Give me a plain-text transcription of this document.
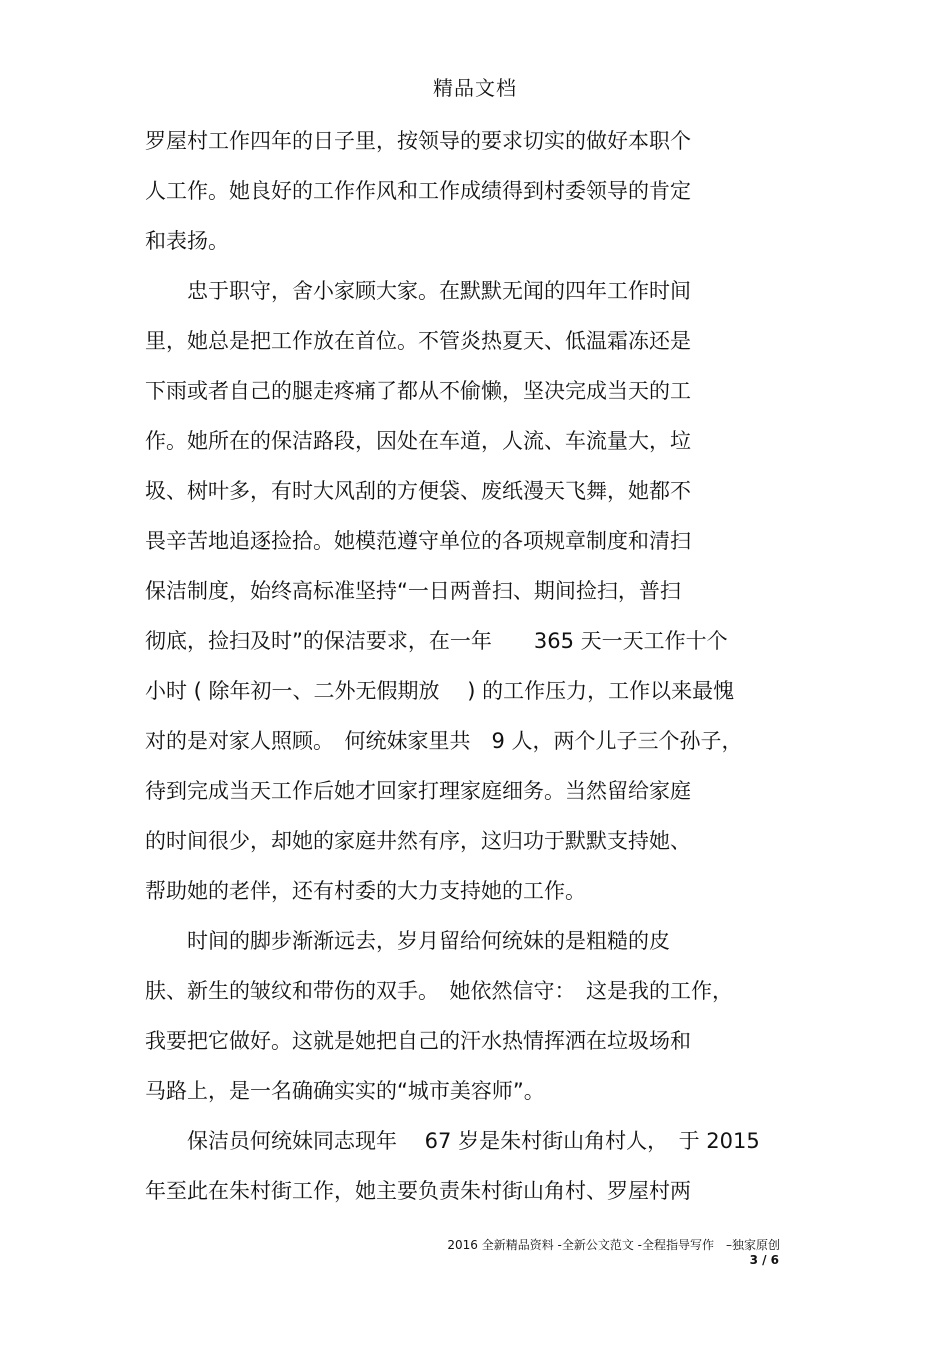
精品文档
罗屋村工作四年的日子里，按领导的要求切实的做好本职个
人工作。她良好的工作作风和工作成绩得到村委领导的肯定
和表扬。
　　忠于职守，舍小家顾大家。在默默无闻的四年工作时间
里，她总是把工作放在首位。不管炎热夏天、低温霜冻还是
下雨或者自己的腿走疼痛了都从不偷懒，坚决完成当天的工
作。她所在的保洁路段，因处在车道，人流、车流量大，垃
圾、树叶多，有时大风刮的方便袋、废纸漫天飞舞，她都不
畏辛苦地追逐捡拾。她模范遵守单位的各项规章制度和清扫
保洁制度，始终高标准坚持“一日两普扫、期间捡扫，普扫
彻底，捡扫及时”的保洁要求，在一年　　365 天一天工作十个
小时 ( 除年初一、二外无假期放　 ) 的工作压力，工作以来最愧
对的是对家人照顾。　何统妹家里共　9 人，两个儿子三个孙子，
待到完成当天工作后她才回家打理家庭细务。当然留给家庭
的时间很少，却她的家庭井然有序，这归功于默默支持她、
帮助她的老伴，还有村委的大力支持她的工作。
　　时间的脚步渐渐远去，岁月留给何统妹的是粗糙的皮
肤、新生的皱纹和带伤的双手。　她依然信守：　这是我的工作，
我要把它做好。这就是她把自己的汗水热情挥洒在垃圾场和
马路上，是一名确确实实的“城市美容师”。
　　保洁员何统妹同志现年　 67 岁是朱村街山角村人，　于 2015
年至此在朱村街工作，她主要负责朱村街山角村、罗屋村两
2016 全新精品资料 -全新公文范文 -全程指导写作　–独家原创
3 / 6
